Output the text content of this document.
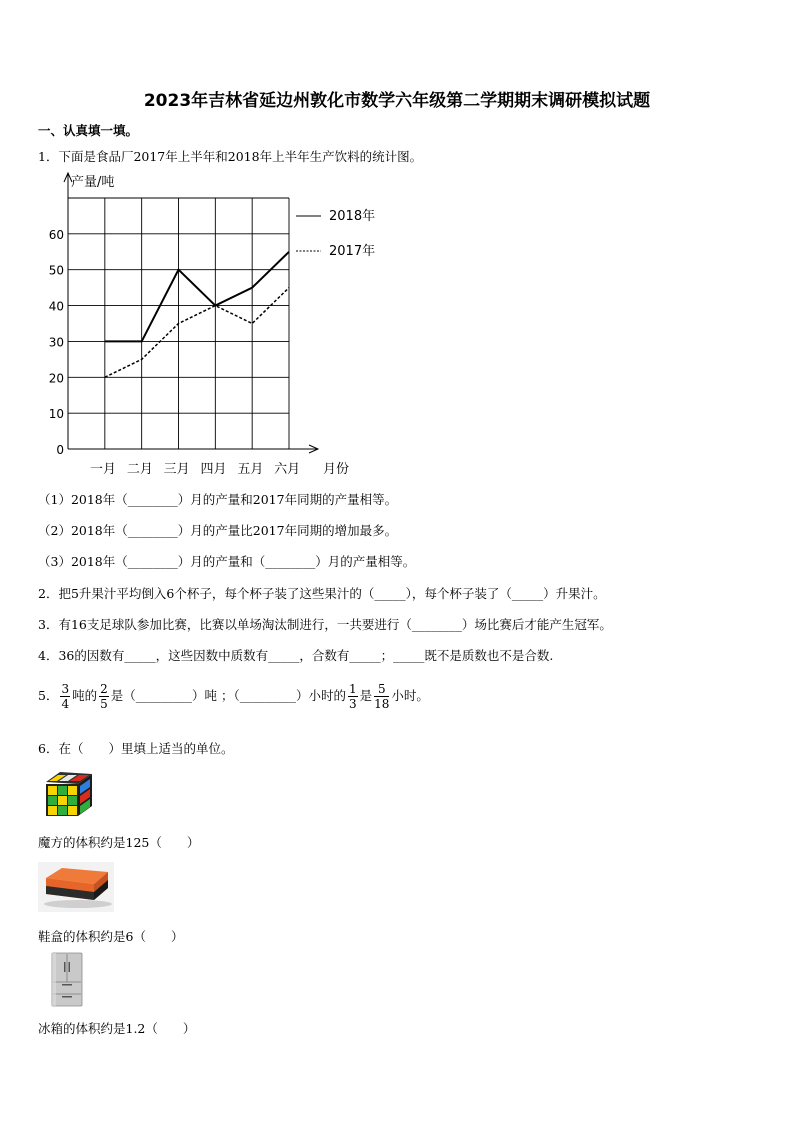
2023年吉林省延边州敦化市数学六年级第二学期期末调研模拟试题
一、认真填一填。
1．下面是食品厂2017年上半年和2018年上半年生产饮料的统计图。
产量/吨
月份
0
10
20
30
40
50
60
一月 二月 三月 四月 五月 六月
2018年
2017年
（1）2018年（________）月的产量和2017年同期的产量相等。
（2）2018年（________）月的产量比2017年同期的增加最多。
（3）2018年（________）月的产量和（________）月的产量相等。
2．把5升果汁平均倒入6个杯子，每个杯子装了这些果汁的（_____），每个杯子装了（_____）升果汁。
3．有16支足球队参加比赛，比赛以单场淘汰制进行，一共要进行（________）场比赛后才能产生冠军。
4．36的因数有_____，这些因数中质数有_____，合数有_____；_____既不是质数也不是合数.
5． $\frac{3}{4}$ 吨的 $\frac{2}{5}$ 是（_________）吨 ；（_________）小时的 $\frac{1}{3}$ 是 $\frac{5}{18}$ 小时。
6．在（　　）里填上适当的单位。
魔方的体积约是125（　　）
鞋盒的体积约是6（　　）
冰箱的体积约是1.2（　　）
